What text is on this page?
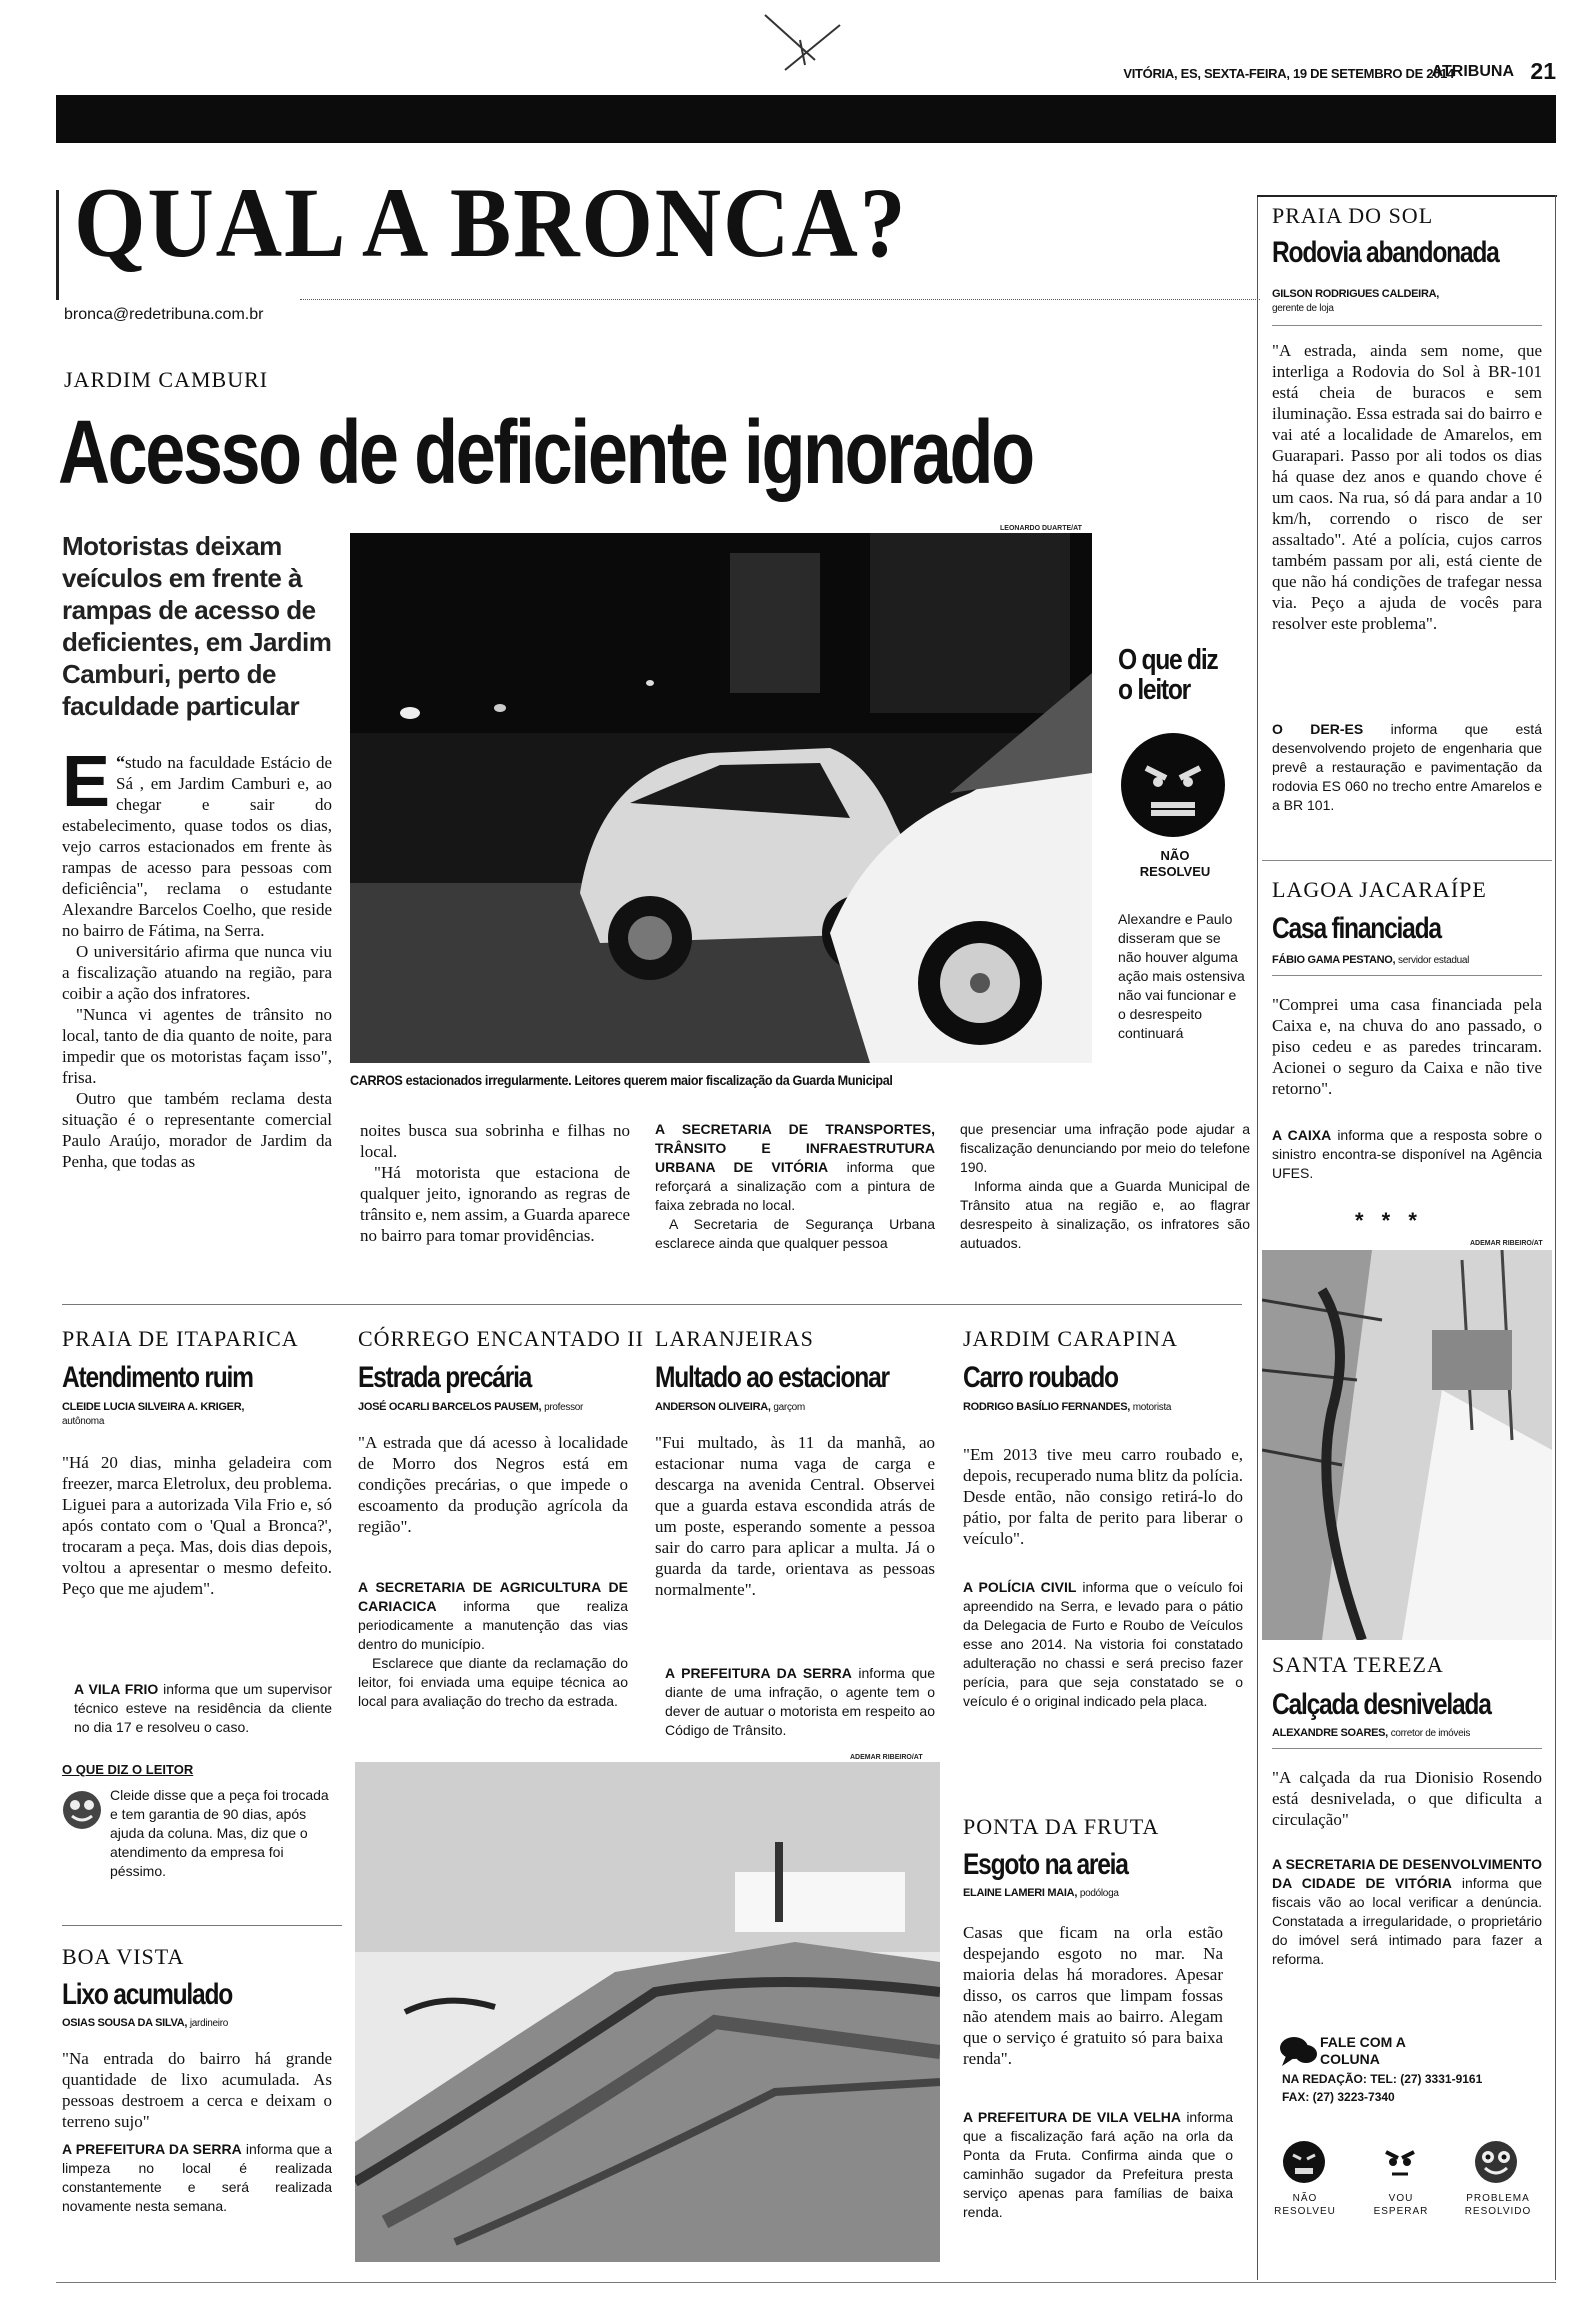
VITÓRIA, ES, SEXTA-FEIRA, 19 DE SETEMBRO DE 2014
ATRIBUNA 21
QUAL A BRONCA?
bronca@redetribuna.com.br
JARDIM CAMBURI
Acesso de deficiente ignorado
Motoristas deixam veículos em frente à rampas de acesso de deficientes, em Jardim Camburi, perto de faculdade particular
LEONARDO DUARTE/AT
CARROS estacionados irregularmente. Leitores querem maior fiscalização da Guarda Municipal
O que diz o leitor
NÃO RESOLVEU
Alexandre e Paulo disseram que se não houver alguma ação mais ostensiva não vai funcionar e o desrespeito continuará
“
E studo na faculdade Estácio de Sá , em Jardim Camburi e, ao chegar e sair do estabelecimento, quase todos os dias, vejo carros estacionados em frente às rampas de acesso para pessoas com deficiência", reclama o estudante Alexandre Barcelos Coelho, que reside no bairro de Fátima, na Serra.
O universitário afirma que nunca viu a fiscalização atuando na região, para coibir a ação dos infratores.
"Nunca vi agentes de trânsito no local, tanto de dia quanto de noite, para impedir que os motoristas façam isso", frisa.
Outro que também reclama desta situação é o representante comercial Paulo Araújo, morador de Jardim da Penha, que todas as
noites busca sua sobrinha e filhas no local.
"Há motorista que estaciona de qualquer jeito, ignorando as regras de trânsito e, nem assim, a Guarda aparece no bairro para tomar providências.
A SECRETARIA DE TRANSPORTES, TRÂNSITO E INFRAESTRUTURA URBANA DE VITÓRIA informa que reforçará a sinalização com a pintura de faixa zebrada no local.
A Secretaria de Segurança Urbana esclarece ainda que qualquer pessoa
que presenciar uma infração pode ajudar a fiscalização denunciando por meio do telefone 190.
Informa ainda que a Guarda Municipal de Trânsito atua na região e, ao flagrar desrespeito à sinalização, os infratores são autuados.
PRAIA DO SOL
Rodovia abandonada
GILSON RODRIGUES CALDEIRA,
gerente de loja
"A estrada, ainda sem nome, que interliga a Rodovia do Sol à BR-101 está cheia de buracos e sem iluminação. Essa estrada sai do bairro e vai até a localidade de Amarelos, em Guarapari. Passo por ali todos os dias há quase dez anos e quando chove é um caos. Na rua, só dá para andar a 10 km/h, correndo o risco de ser assaltado". Até a polícia, cujos carros também passam por ali, está ciente de que não há condições de trafegar nessa via. Peço a ajuda de vocês para resolver este problema".
O DER-ES informa que está desenvolvendo projeto de engenharia que prevê a restauração e pavimentação da rodovia ES 060 no trecho entre Amarelos e a BR 101.
LAGOA JACARAÍPE
Casa financiada
FÁBIO GAMA PESTANO, servidor estadual
"Comprei uma casa financiada pela Caixa e, na chuva do ano passado, o piso cedeu e as paredes trincaram. Acionei o seguro da Caixa e não tive retorno".
A CAIXA informa que a resposta sobre o sinistro encontra-se disponível na Agência UFES.
* * *
ADEMAR RIBEIRO/AT
SANTA TEREZA
Calçada desnivelada
ALEXANDRE SOARES, corretor de imóveis
"A calçada da rua Dionisio Rosendo está desnivelada, o que dificulta a circulação"
A SECRETARIA DE DESENVOLVIMENTO DA CIDADE DE VITÓRIA informa que fiscais vão ao local verificar a denúncia. Constatada a irregularidade, o proprietário do imóvel será intimado para fazer a reforma.
FALE COM A COLUNA
NA REDAÇÃO: TEL: (27) 3331-9161
FAX: (27) 3223-7340
NÃO RESOLVEU
VOU ESPERAR
PROBLEMA RESOLVIDO
PRAIA DE ITAPARICA
Atendimento ruim
CLEIDE LUCIA SILVEIRA A. KRIGER,
autônoma
"Há 20 dias, minha geladeira com freezer, marca Eletrolux, deu problema. Liguei para a autorizada Vila Frio e, só após contato com o 'Qual a Bronca?', trocaram a peça. Mas, dois dias depois, voltou a apresentar o mesmo defeito. Peço que me ajudem".
A VILA FRIO informa que um supervisor técnico esteve na residência da cliente no dia 17 e resolveu o caso.
O QUE DIZ O LEITOR
Cleide disse que a peça foi trocada e tem garantia de 90 dias, após ajuda da coluna. Mas, diz que o atendimento da empresa foi péssimo.
BOA VISTA
Lixo acumulado
OSIAS SOUSA DA SILVA, jardineiro
"Na entrada do bairro há grande quantidade de lixo acumulada. As pessoas destroem a cerca e deixam o terreno sujo"
A PREFEITURA DA SERRA informa que a limpeza no local é realizada constantemente e será realizada novamente nesta semana.
CÓRREGO ENCANTADO II
Estrada precária
JOSÉ OCARLI BARCELOS PAUSEM, professor
"A estrada que dá acesso à localidade de Morro dos Negros está em condições precárias, o que impede o escoamento da produção agrícola da região".
A SECRETARIA DE AGRICULTURA DE CARIACICA informa que realiza periodicamente a manutenção das vias dentro do município.
Esclarece que diante da reclamação do leitor, foi enviada uma equipe técnica ao local para avaliação do trecho da estrada.
LARANJEIRAS
Multado ao estacionar
ANDERSON OLIVEIRA, garçom
"Fui multado, às 11 da manhã, ao estacionar numa vaga de carga e descarga na avenida Central. Observei que a guarda estava escondida atrás de um poste, esperando somente a pessoa sair do carro para aplicar a multa. Já o guarda da tarde, orientava as pessoas normalmente".
A PREFEITURA DA SERRA informa que diante de uma infração, o agente tem o dever de autuar o motorista em respeito ao Código de Trânsito.
ADEMAR RIBEIRO/AT
JARDIM CARAPINA
Carro roubado
RODRIGO BASÍLIO FERNANDES, motorista
"Em 2013 tive meu carro roubado e, depois, recuperado numa blitz da polícia. Desde então, não consigo retirá-lo do pátio, por falta de perito para liberar o veículo".
A POLÍCIA CIVIL informa que o veículo foi apreendido na Serra, e levado para o pátio da Delegacia de Furto e Roubo de Veículos esse ano 2014. Na vistoria foi constatado adulteração no chassi e será preciso fazer perícia, para que seja constatado se o veículo é o original indicado pela placa.
PONTA DA FRUTA
Esgoto na areia
ELAINE LAMERI MAIA, podóloga
Casas que ficam na orla estão despejando esgoto no mar. Na maioria delas há moradores. Apesar disso, os carros que limpam fossas não atendem mais ao bairro. Alegam que o serviço é gratuito só para baixa renda".
A PREFEITURA DE VILA VELHA informa que a fiscalização fará ação na orla da Ponta da Fruta. Confirma ainda que o caminhão sugador da Prefeitura presta serviço apenas para famílias de baixa renda.
